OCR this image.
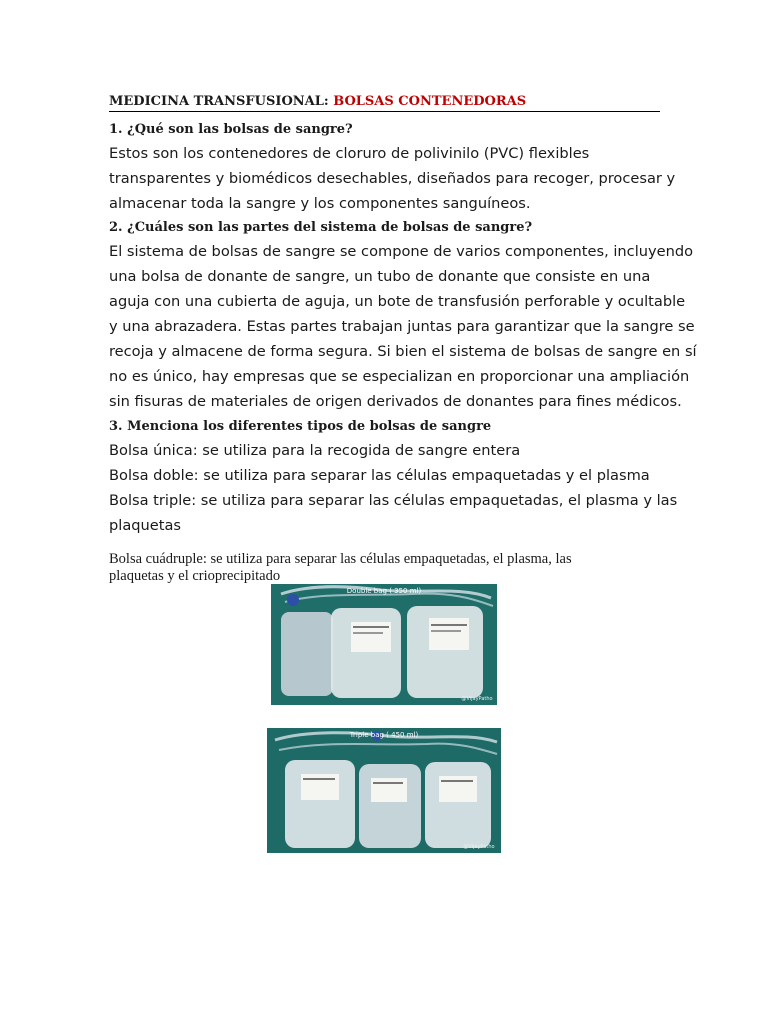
MEDICINA TRANSFUSIONAL: BOLSAS CONTENEDORAS
1. ¿Qué son las bolsas de sangre?
Estos son los contenedores de cloruro de polivinilo (PVC) flexibles
transparentes y biomédicos desechables, diseñados para recoger, procesar y
almacenar toda la sangre y los componentes sanguíneos.
2. ¿Cuáles son las partes del sistema de bolsas de sangre?
El sistema de bolsas de sangre se compone de varios componentes, incluyendo
una bolsa de donante de sangre, un tubo de donante que consiste en una
aguja con una cubierta de aguja, un bote de transfusión perforable y ocultable
y una abrazadera. Estas partes trabajan juntas para garantizar que la sangre se
recoja y almacene de forma segura. Si bien el sistema de bolsas de sangre en sí
no es único, hay empresas que se especializan en proporcionar una ampliación
sin fisuras de materiales de origen derivados de donantes para fines médicos.
3. Menciona los diferentes tipos de bolsas de sangre
Bolsa única: se utiliza para la recogida de sangre entera
Bolsa doble: se utiliza para separar las células empaquetadas y el plasma
Bolsa triple: se utiliza para separar las células empaquetadas, el plasma y las
plaquetas
Bolsa cuádruple: se utiliza para separar las células empaquetadas, el plasma, las
plaquetas y el crioprecipitado
Double bag ( 350 ml)
@VijayPatho
Triple bag ( 450 ml)
@VijayPatho
